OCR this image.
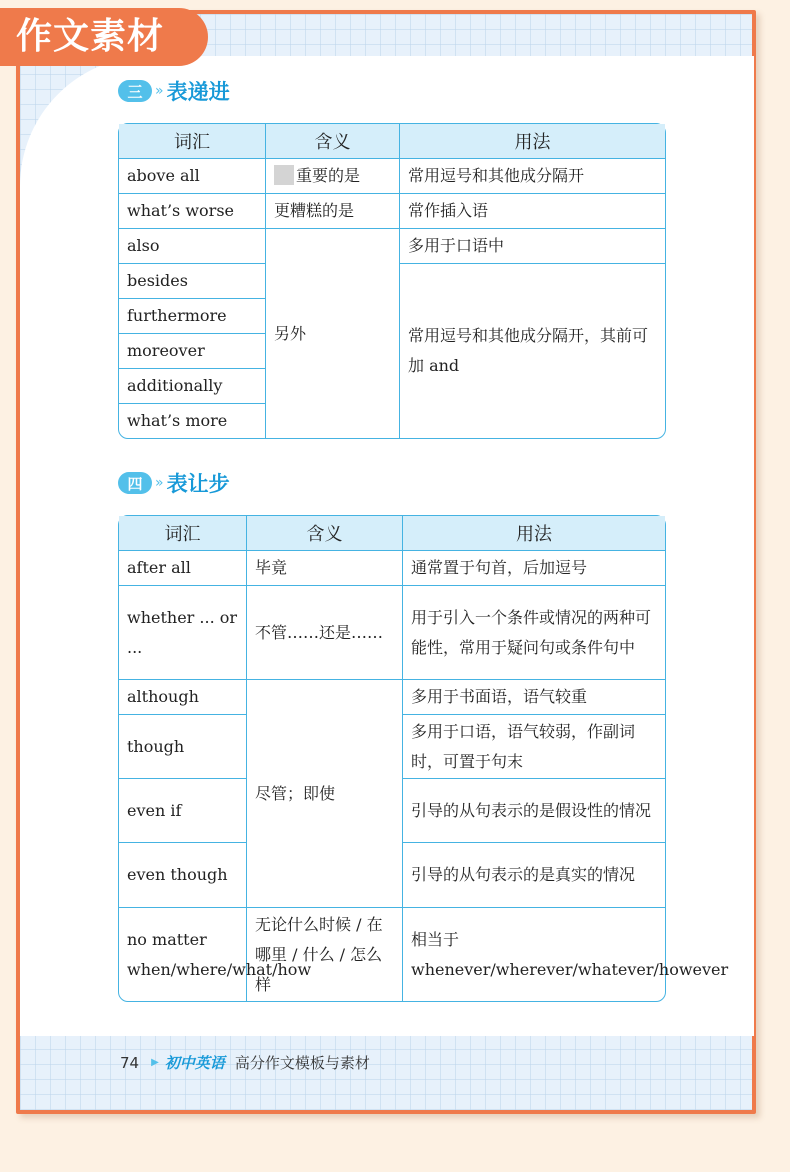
作文素材
三 » 表递进
词汇	含义	用法
above all	重要的是	常用逗号和其他成分隔开
what’s worse	更糟糕的是	常作插入语
also	另外	多用于口语中
besides		常用逗号和其他成分隔开，其前可加 and
furthermore		
moreover		
additionally		
what’s more		
四 » 表让步
词汇	含义	用法
after all	毕竟	通常置于句首，后加逗号
whether ... or ...	不管……还是……	用于引入一个条件或情况的两种可能性，常用于疑问句或条件句中
although	尽管；即使	多用于书面语，语气较重
though		多用于口语，语气较弱，作副词时，可置于句末
even if		引导的从句表示的是假设性的情况
even though		引导的从句表示的是真实的情况
no matter when/where/what/how	无论什么时候 / 在哪里 / 什么 / 怎么样	相当于 whenever/wherever/whatever/however
74 ▶ 初中英语 高分作文模板与素材
